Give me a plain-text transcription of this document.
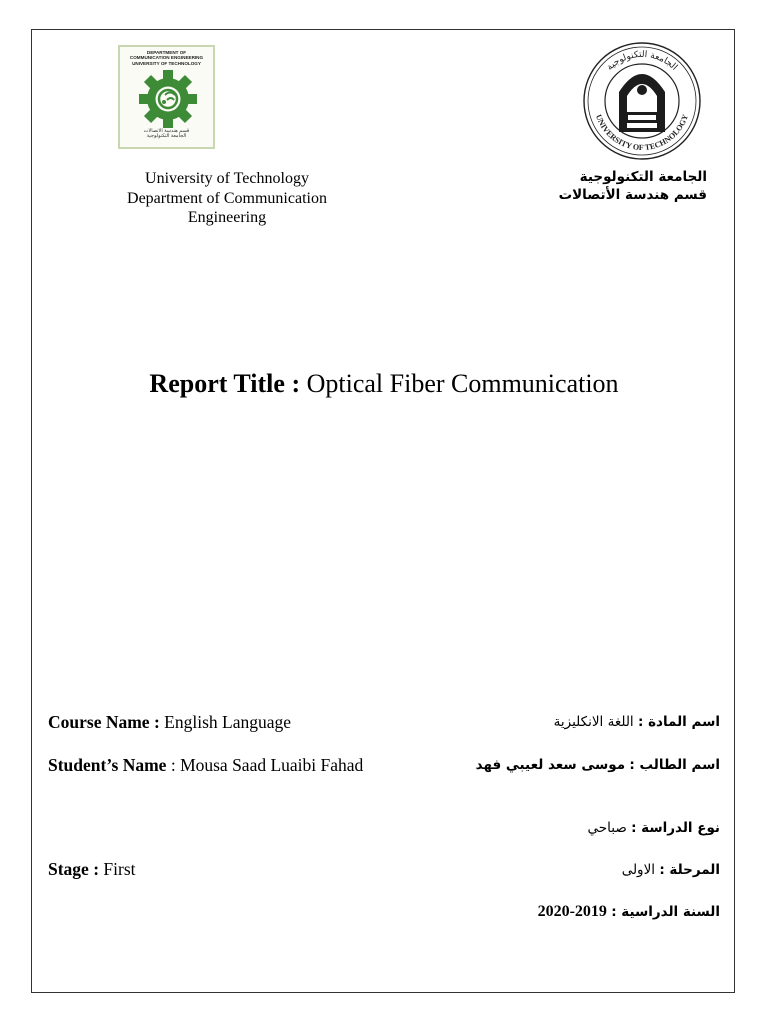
DEPARTMENT OF
COMMUNICATION ENGINEERING
UNIVERSITY OF TECHNOLOGY
قسم هندسة الاتصالات
الجامعة التكنولوجية
الجامعة التكنولوجية
UNIVERSITY OF TECHNOLOGY
University of Technology
Department of Communication
Engineering
الجامعة التكنولوجية
قسم هندسة الأتصالات
Report Title : Optical Fiber Communication
Course Name : English Language
Student’s Name : Mousa Saad Luaibi Fahad
Stage : First
اسم المادة : اللغة الانكليزية
اسم الطالب : موسى سعد لعيبي فهد
نوع الدراسة : صباحي
المرحلة : الاولى
السنة الدراسية : 2020-2019
